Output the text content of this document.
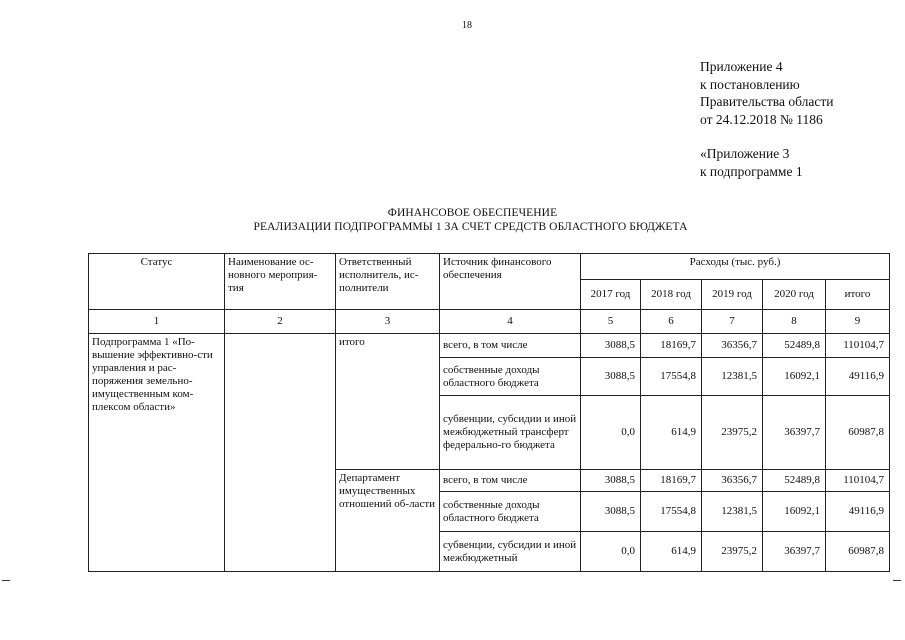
18
Приложение 4
к постановлению
Правительства области
от 24.12.2018 № 1186
«Приложение 3
к подпрограмме 1
ФИНАНСОВОЕ ОБЕСПЕЧЕНИЕ
РЕАЛИЗАЦИИ ПОДПРОГРАММЫ 1 ЗА СЧЕТ СРЕДСТВ ОБЛАСТНОГО БЮДЖЕТА
Статус	Наименование ос-новного мероприя-тия	Ответственный исполнитель, ис-полнители	Источник финансового обеспечения	Расходы (тыс. руб.)				
				2017 год	2018 год	2019 год	2020 год	итого
1	2	3	4	5	6	7	8	9
Подпрограмма 1 «По-вышение эффективно-сти управления и рас-поряжения земельно-имущественным ком-плексом области»		итого	всего, в том числе	3088,5	18169,7	36356,7	52489,8	110104,7
			собственные доходы областного бюджета	3088,5	17554,8	12381,5	16092,1	49116,9
			субвенции, субсидии и иной межбюджетный трансферт федерально-го бюджета	0,0	614,9	23975,2	36397,7	60987,8
		Департамент имущественных отношений об-ласти	всего, в том числе	3088,5	18169,7	36356,7	52489,8	110104,7
			собственные доходы областного бюджета	3088,5	17554,8	12381,5	16092,1	49116,9
			субвенции, субсидии и иной межбюджетный	0,0	614,9	23975,2	36397,7	60987,8
